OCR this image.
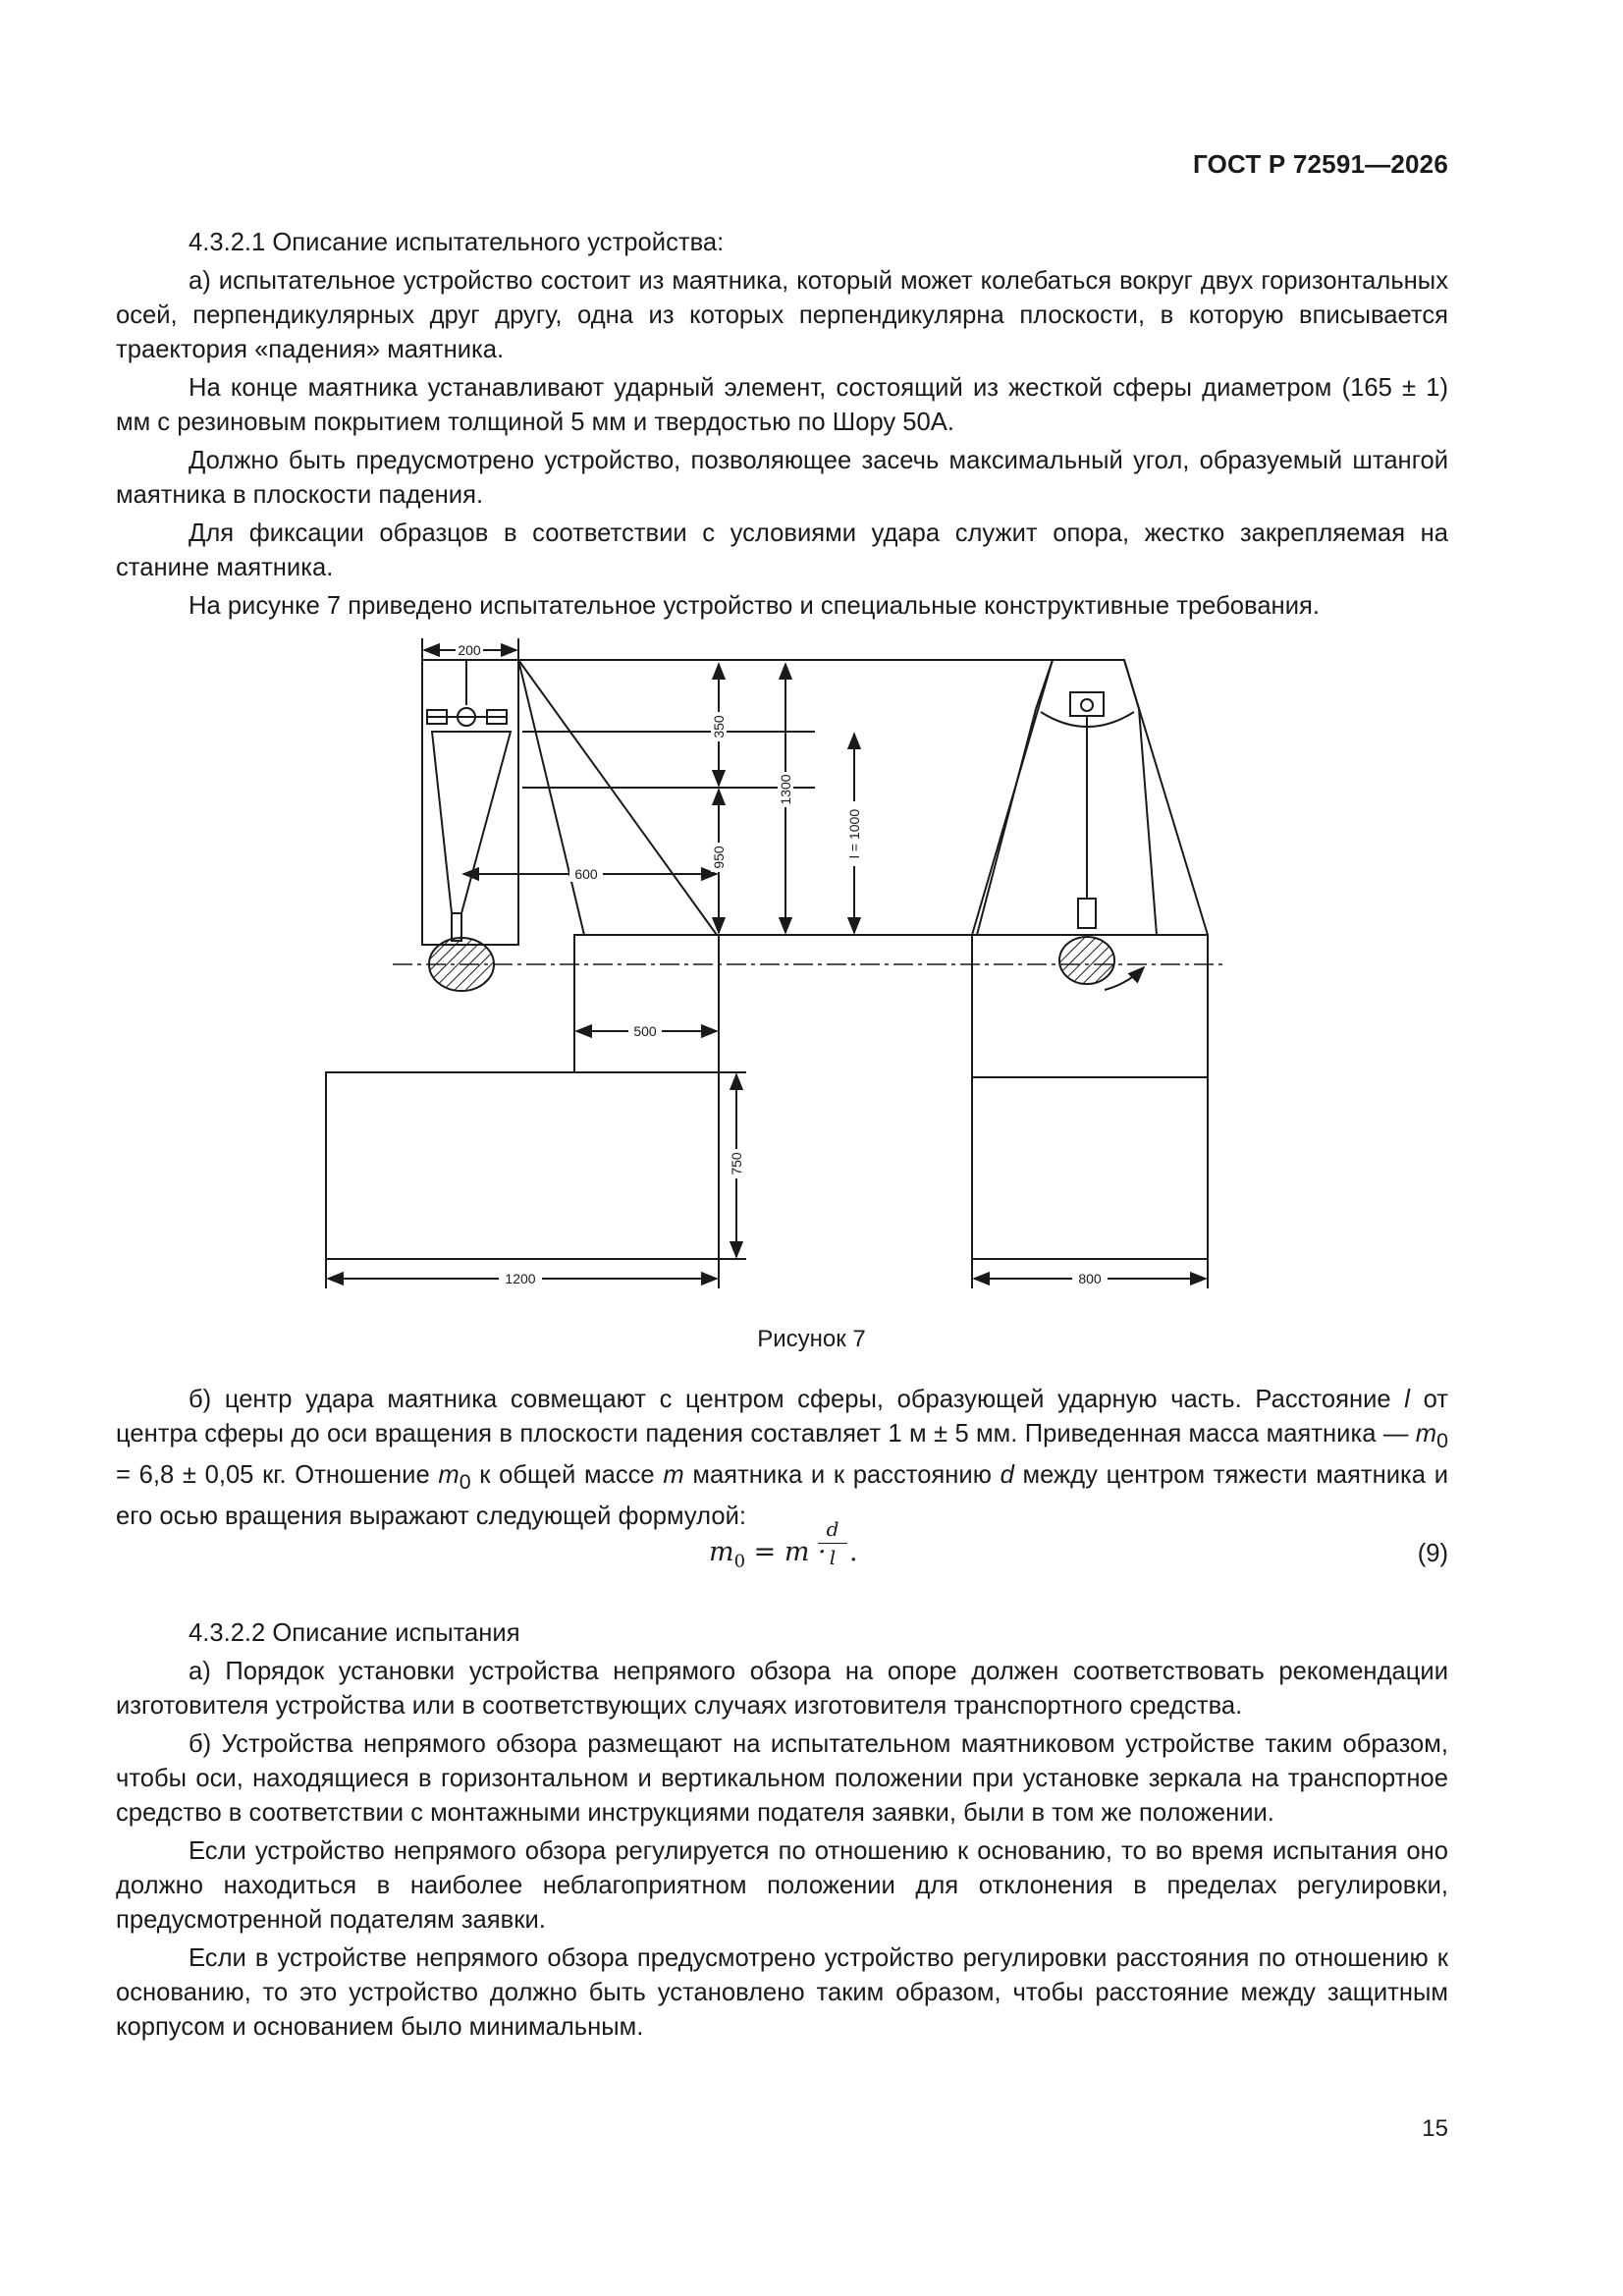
ГОСТ Р 72591—2026

4.3.2.1 Описание испытательного устройства:

а) испытательное устройство состоит из маятника, который может колебаться вокруг двух горизонтальных осей, перпендикулярных друг другу, одна из которых перпендикулярна плоскости, в которую вписывается траектория «падения» маятника.

На конце маятника устанавливают ударный элемент, состоящий из жесткой сферы диаметром (165 ± 1) мм с резиновым покрытием толщиной 5 мм и твердостью по Шору 50А.

Должно быть предусмотрено устройство, позволяющее засечь максимальный угол, образуемый штангой маятника в плоскости падения.

Для фиксации образцов в соответствии с условиями удара служит опора, жестко закрепляемая на станине маятника.

На рисунке 7 приведено испытательное устройство и специальные конструктивные требования.

200
350
950
1300
l = 1000
600
500
750
1200	800
Рисунок 7

б) центр удара маятника совмещают с центром сферы, образующей ударную часть. Расстояние l от центра сферы до оси вращения в плоскости падения составляет 1 м ± 5 мм. Приведенная масса маятника — $m_0 = 6,8 \pm 0,05$ кг. Отношение $m_0$ к общей массе m маятника и к расстоянию d между центром тяжести маятника и его осью вращения выражают следующей формулой:

$m_0 = m$ ·
$\frac{d}{l}$ .	(9)

4.3.2.2 Описание испытания

а) Порядок установки устройства непрямого обзора на опоре должен соответствовать рекомендации изготовителя устройства или в соответствующих случаях изготовителя транспортного средства.

б) Устройства непрямого обзора размещают на испытательном маятниковом устройстве таким образом, чтобы оси, находящиеся в горизонтальном и вертикальном положении при установке зеркала на транспортное средство в соответствии с монтажными инструкциями подателя заявки, были в том же положении.

Если устройство непрямого обзора регулируется по отношению к основанию, то во время испытания оно должно находиться в наиболее неблагоприятном положении для отклонения в пределах регулировки, предусмотренной подателям заявки.

Если в устройстве непрямого обзора предусмотрено устройство регулировки расстояния по отношению к основанию, то это устройство должно быть установлено таким образом, чтобы расстояние между защитным корпусом и основанием было минимальным.

15
